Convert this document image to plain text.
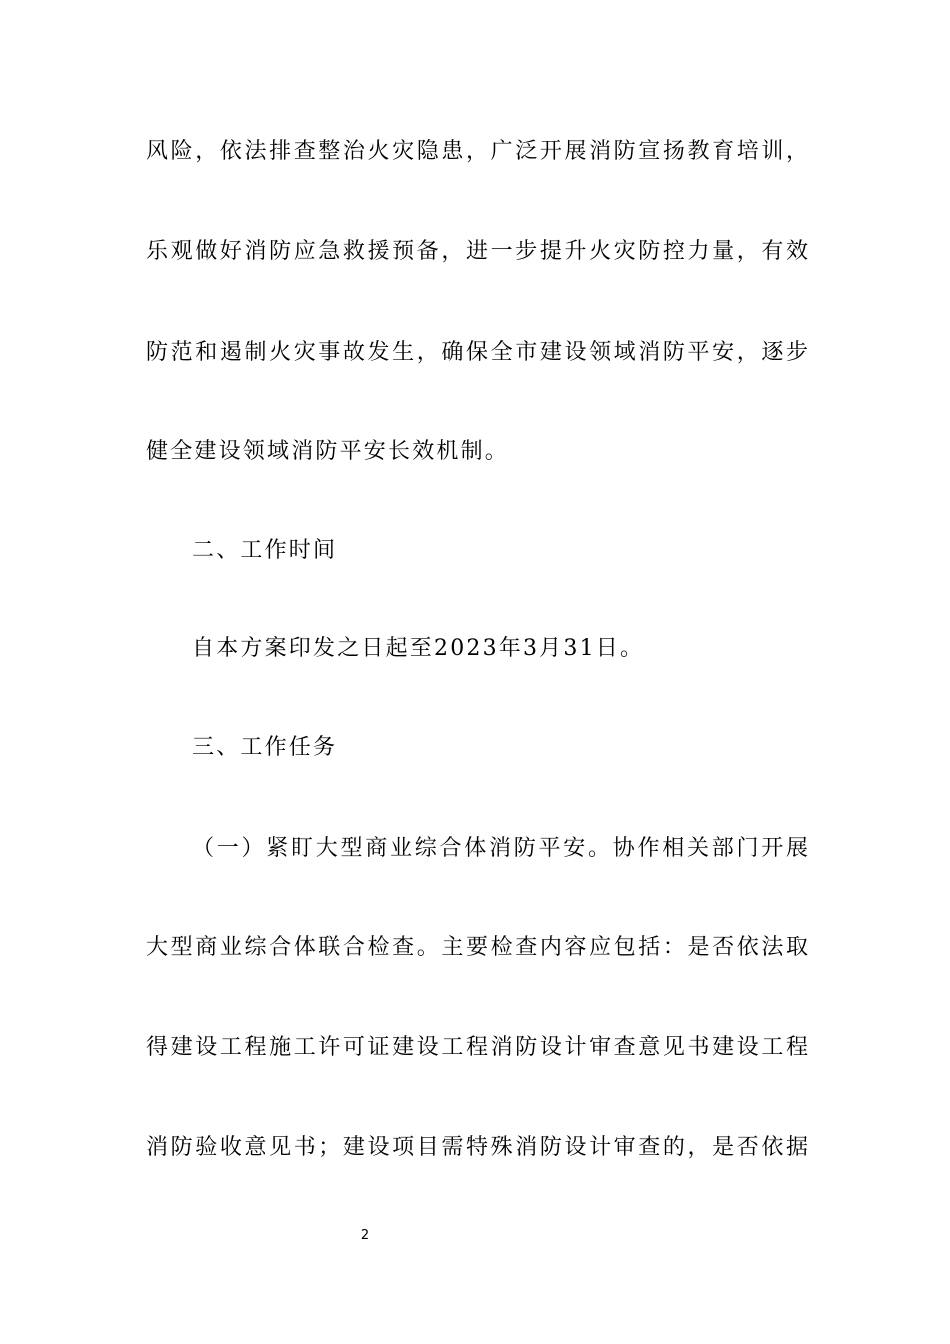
风险，依法排查整治火灾隐患，广泛开展消防宣扬教育培训，
乐观做好消防应急救援预备，进一步提升火灾防控力量，有效
防范和遏制火灾事故发生，确保全市建设领域消防平安，逐步
健全建设领域消防平安长效机制。
二、工作时间
自本方案印发之日起至2023年3月31日。
三、工作任务
（一）紧盯大型商业综合体消防平安。协作相关部门开展
大型商业综合体联合检查。主要检查内容应包括：是否依法取
得建设工程施工许可证建设工程消防设计审查意见书建设工程
消防验收意见书；建设项目需特殊消防设计审查的，是否依据
2
